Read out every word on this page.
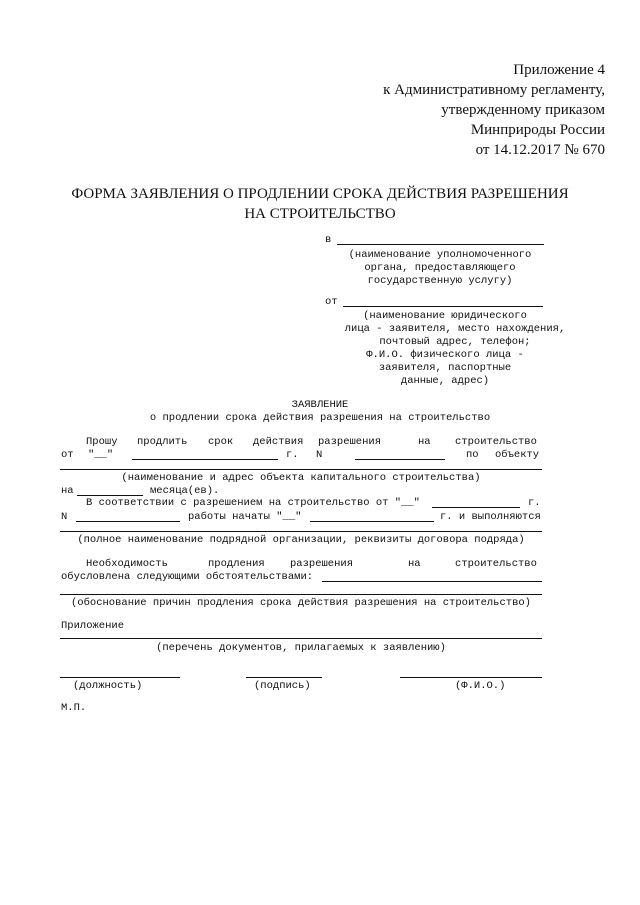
Приложение 4
к Административному регламенту,
утвержденному приказом
Минприроды России
от 14.12.2017 № 670
ФОРМА ЗАЯВЛЕНИЯ О ПРОДЛЕНИИ СРОКА ДЕЙСТВИЯ РАЗРЕШЕНИЯ
НА СТРОИТЕЛЬСТВО
в
(наименование уполномоченного
органа, предоставляющего
государственную услугу)
от
(наименование юридического
лица - заявителя, место нахождения,
почтовый адрес, телефон;
Ф.И.О. физического лица -
заявителя, паспортные
данные, адрес)
ЗАЯВЛЕНИЕ
о продлении срока действия разрешения на строительство
Прошу продлить срок действия разрешения	на строительство
от "__"	г. N	по объекту
(наименование и адрес объекта капитального строительства)
на	месяца(ев).
В соответствии с разрешением на строительство от "__"	г.
N	работы начаты "__"	г. и выполняются
(полное наименование подрядной организации, реквизиты договора подряда)
Необходимость	продления разрешения	на	строительство
обусловлена следующими обстоятельствами:
(обоснование причин продления срока действия разрешения на строительство)
Приложение
(перечень документов, прилагаемых к заявлению)
(должность)	(подпись)	(Ф.И.О.)
М.П.
